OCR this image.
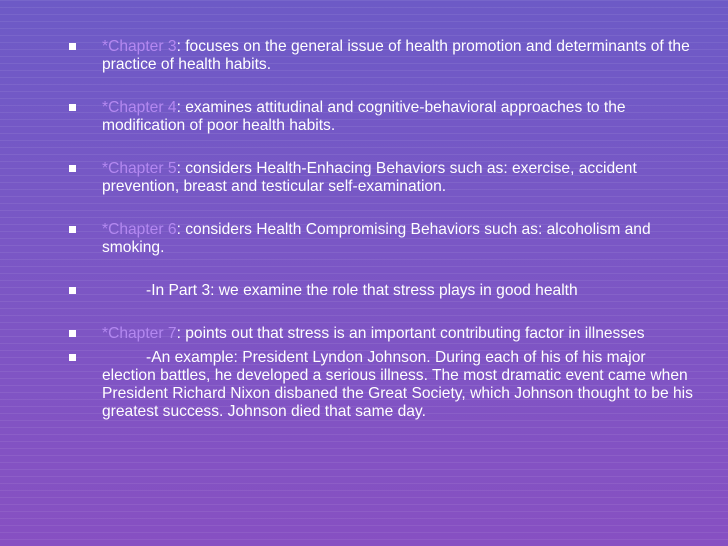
*Chapter 3: focuses on the general issue of health promotion and determinants of the practice of health habits.
*Chapter 4: examines attitudinal and cognitive-behavioral approaches to the modification of poor health habits.
*Chapter 5: considers Health-Enhacing Behaviors such as: exercise, accident prevention, breast and testicular self-examination.
*Chapter 6: considers Health Compromising Behaviors such as: alcoholism and smoking.
-In Part 3: we examine the role that stress plays in good health
*Chapter 7: points out that stress is an important contributing factor in illnesses
-An example: President Lyndon Johnson. During each of his of his major election battles, he developed a serious illness. The most dramatic event came when President Richard Nixon disbaned the Great Society, which Johnson thought to be his greatest success. Johnson died that same day.
